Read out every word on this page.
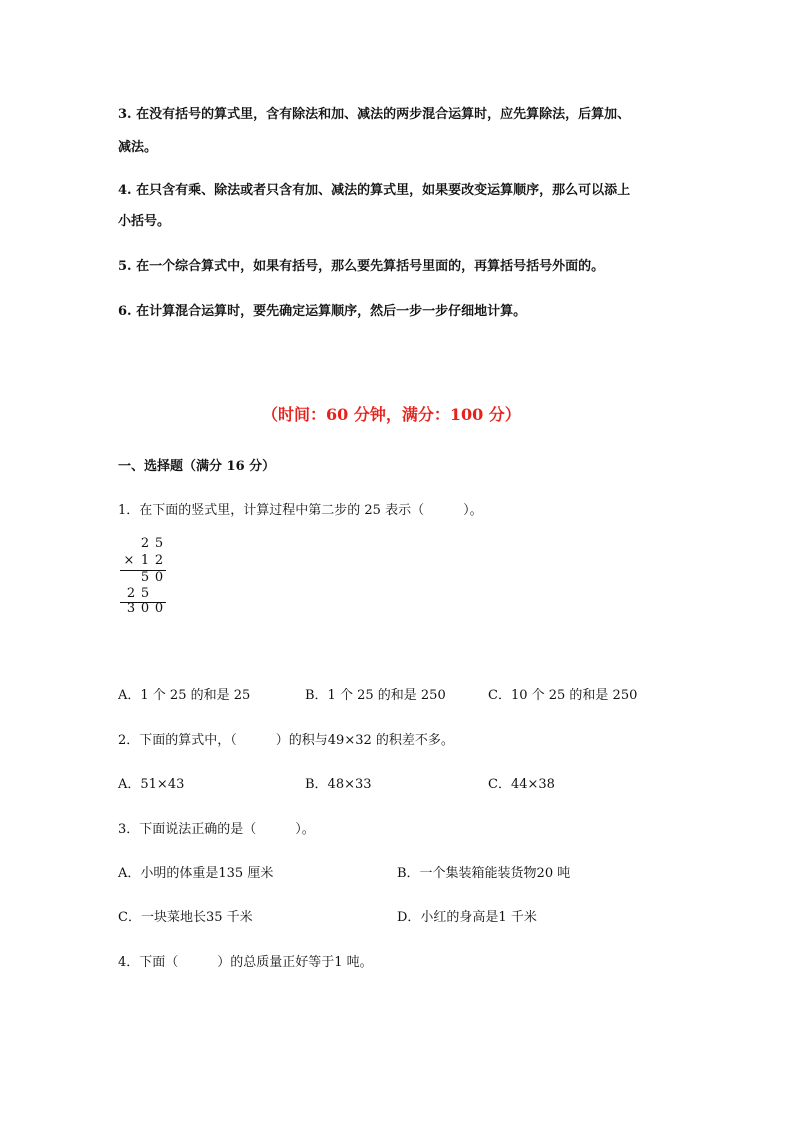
3. 在没有括号的算式里，含有除法和加、减法的两步混合运算时，应先算除法，后算加、
减法。
4. 在只含有乘、除法或者只含有加、减法的算式里，如果要改变运算顺序，那么可以添上
小括号。
5. 在一个综合算式中，如果有括号，那么要先算括号里面的，再算括号括号外面的。
6. 在计算混合运算时，要先确定运算顺序，然后一步一步仔细地计算。
（时间：60 分钟，满分：100 分）
一、选择题（满分 16 分）
1．在下面的竖式里，计算过程中第二步的 25 表示（　　　）。
2 5
× 1 2
5 0
2 5
3 0 0
A．1 个 25 的和是 25	B．1 个 25 的和是 250	C．10 个 25 的和是 250
2．下面的算式中，（　　　）的积与49×32 的积差不多。
A．51×43	B．48×33	C．44×38
3．下面说法正确的是（　　　）。
A．小明的体重是135 厘米	B．一个集装箱能装货物20 吨
C．一块菜地长35 千米	D．小红的身高是1 千米
4．下面（　　　）的总质量正好等于1 吨。
